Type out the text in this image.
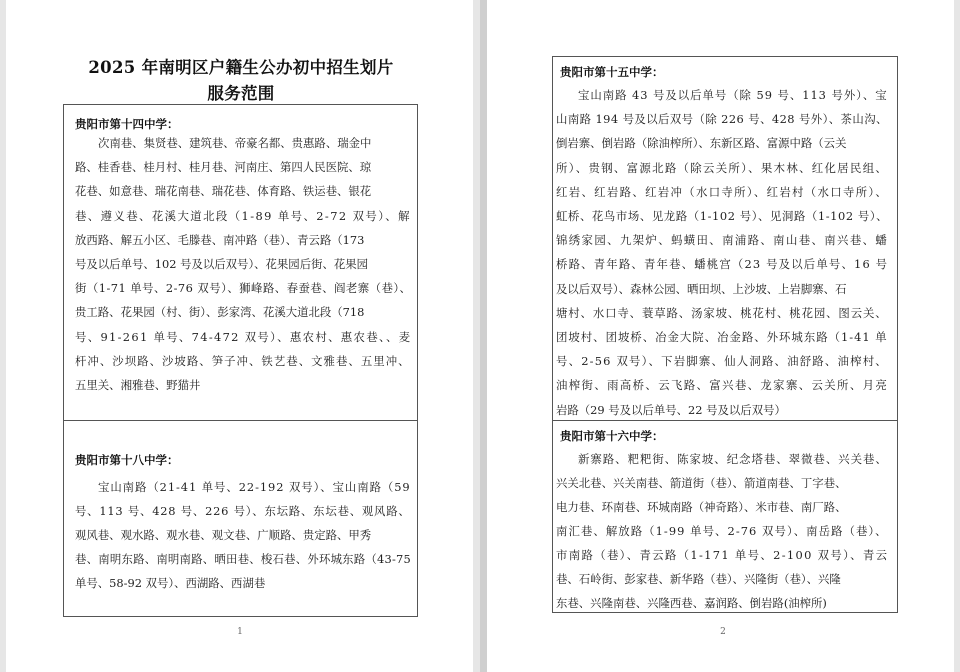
2025 年南明区户籍生公办初中招生划片
服务范围
贵阳市第十四中学：
次南巷、集贤巷、建筑巷、帝豪名都、贵惠路、瑞金中
路、桂香巷、桂月村、桂月巷、河南庄、第四人民医院、琼
花巷、如意巷、瑞花南巷、瑞花巷、体育路、铁运巷、银花
巷、遵义巷、花溪大道北段（1-89 单号、2-72 双号）、解
放西路、解五小区、毛滕巷、南冲路（巷）、青云路（173
号及以后单号、102 号及以后双号）、花果园后街、花果园
街（1-71 单号、2-76 双号）、狮峰路、春蚕巷、阎老寨（巷）、
贵工路、花果园（村、街）、彭家湾、花溪大道北段（718
号、91-261 单号、74-472 双号）、惠农村、惠农巷、、麦
杆冲、沙坝路、沙坡路、笋子冲、铁艺巷、文雅巷、五里冲、
五里关、湘雅巷、野猫井
贵阳市第十八中学：
宝山南路（21-41 单号、22-192 双号）、宝山南路（59
号、113 号、428 号、226 号）、东坛路、东坛巷、观风路、
观风巷、观水路、观水巷、观文巷、广顺路、贵定路、甲秀
巷、南明东路、南明南路、晒田巷、梭石巷、外环城东路（43-75
单号、58-92 双号）、西湖路、西湖巷
1
贵阳市第十五中学：
宝山南路 43 号及以后单号（除 59 号、113 号外）、宝
山南路 194 号及以后双号（除 226 号、428 号外）、茶山沟、
倒岩寨、倒岩路（除油榨所）、东新区路、富源中路（云关
所）、贵钢、富源北路（除云关所）、果木林、红化居民组、
红岩、红岩路、红岩冲（水口寺所）、红岩村（水口寺所）、
虹桥、花鸟市场、见龙路（1-102 号）、见洞路（1-102 号）、
锦绣家园、九架炉、蚂蟥田、南浦路、南山巷、南兴巷、蟠
桥路、青年路、青年巷、蟠桃宫（23 号及以后单号、16 号
及以后双号）、森林公园、晒田坝、上沙坡、上岩脚寨、石
塘村、水口寺、蓑草路、汤家坡、桃花村、桃花园、图云关、
团坡村、团坡桥、冶金大院、冶金路、外环城东路（1-41 单
号、2-56 双号）、下岩脚寨、仙人洞路、油舒路、油榨村、
油榨街、雨高桥、云飞路、富兴巷、龙家寨、云关所、月亮
岩路（29 号及以后单号、22 号及以后双号）
贵阳市第十六中学：
新寨路、粑粑街、陈家坡、纪念塔巷、翠微巷、兴关巷、
兴关北巷、兴关南巷、箭道街（巷）、箭道南巷、丁字巷、
电力巷、环南巷、环城南路（神奇路）、米市巷、南厂路、
南汇巷、解放路（1-99 单号、2-76 双号）、南岳路（巷）、
市南路（巷）、青云路（1-171 单号、2-100 双号）、青云
巷、石岭街、彭家巷、新华路（巷）、兴隆街（巷）、兴隆
东巷、兴隆南巷、兴隆西巷、嘉润路、倒岩路(油榨所)
2
